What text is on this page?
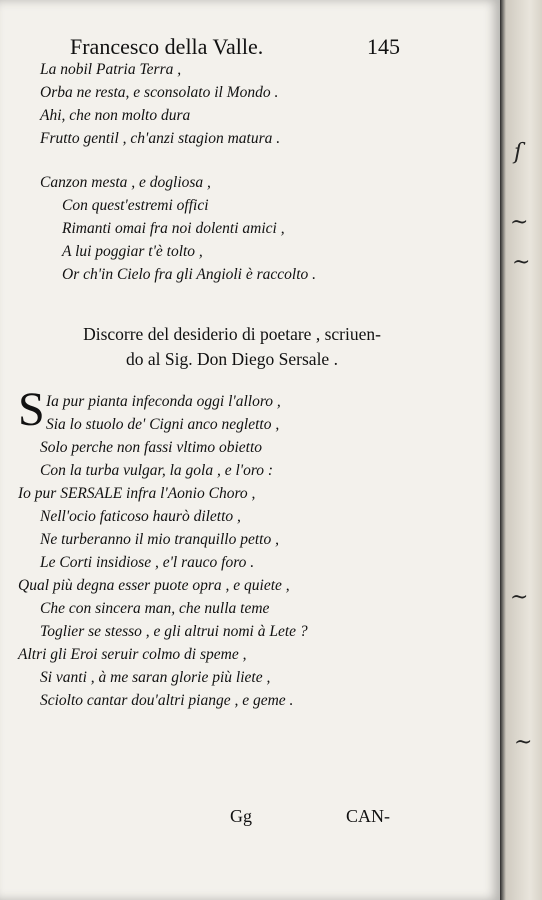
Francesco della Valle.	145
La nobil Patria Terra ,
Orba ne resta, e sconsolato il Mondo .
Ahi, che non molto dura
Frutto gentil , ch'anzi stagion matura .
Canzon mesta , e dogliosa ,
Con quest'estremi offici
Rimanti omai fra noi dolenti amici ,
A lui poggiar t'è tolto ,
Or ch'in Cielo fra gli Angioli è raccolto .
Discorre del desiderio di poetare , scriuen-
do al Sig. Don Diego Sersale .
S Ia pur pianta infeconda oggi l'alloro ,
Sia lo stuolo de' Cigni anco negletto ,
Solo perche non fassi vltimo obietto
Con la turba vulgar, la gola , e l'oro :
Io pur SERSALE infra l'Aonio Choro ,
Nell'ocio faticoso haurò diletto ,
Ne turberanno il mio tranquillo petto ,
Le Corti insidiose , e'l rauco foro .
Qual più degna esser puote opra , e quiete ,
Che con sincera man, che nulla teme
Toglier se stesso , e gli altrui nomi à Lete ?
Altri gli Eroi seruir colmo di speme ,
Si vanti , à me saran glorie più liete ,
Sciolto cantar dou'altri piange , e geme .
Gg	CAN-
ſ
~
~
~
~
